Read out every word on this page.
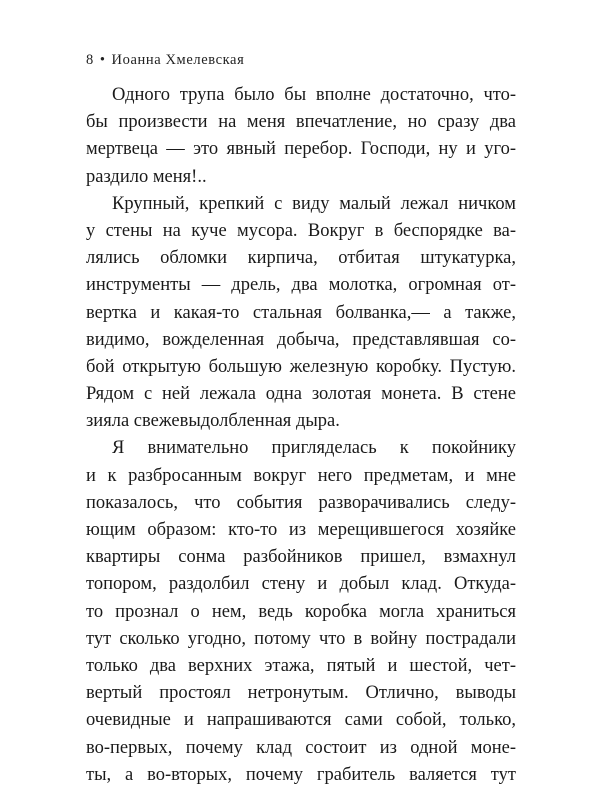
8 • Иоанна Хмелевская
Одного трупа было бы вполне достаточно, что-
бы произвести на меня впечатление, но сразу два
мертвеца — это явный перебор. Господи, ну и уго-
раздило меня!..
Крупный, крепкий с виду малый лежал ничком
у стены на куче мусора. Вокруг в беспорядке ва-
лялись обломки кирпича, отбитая штукатурка,
инструменты — дрель, два молотка, огромная от-
вертка и какая-то стальная болванка,— а также,
видимо, вожделенная добыча, представлявшая со-
бой открытую большую железную коробку. Пустую.
Рядом с ней лежала одна золотая монета. В стене
зияла свежевыдолбленная дыра.
Я внимательно пригляделась к покойнику
и к разбросанным вокруг него предметам, и мне
показалось, что события разворачивались следу-
ющим образом: кто-то из мерещившегося хозяйке
квартиры сонма разбойников пришел, взмахнул
топором, раздолбил стену и добыл клад. Откуда-
то прознал о нем, ведь коробка могла храниться
тут сколько угодно, потому что в войну пострадали
только два верхних этажа, пятый и шестой, чет-
вертый простоял нетронутым. Отлично, выводы
очевидные и напрашиваются сами собой, только,
во-первых, почему клад состоит из одной моне-
ты, а во-вторых, почему грабитель валяется тут
